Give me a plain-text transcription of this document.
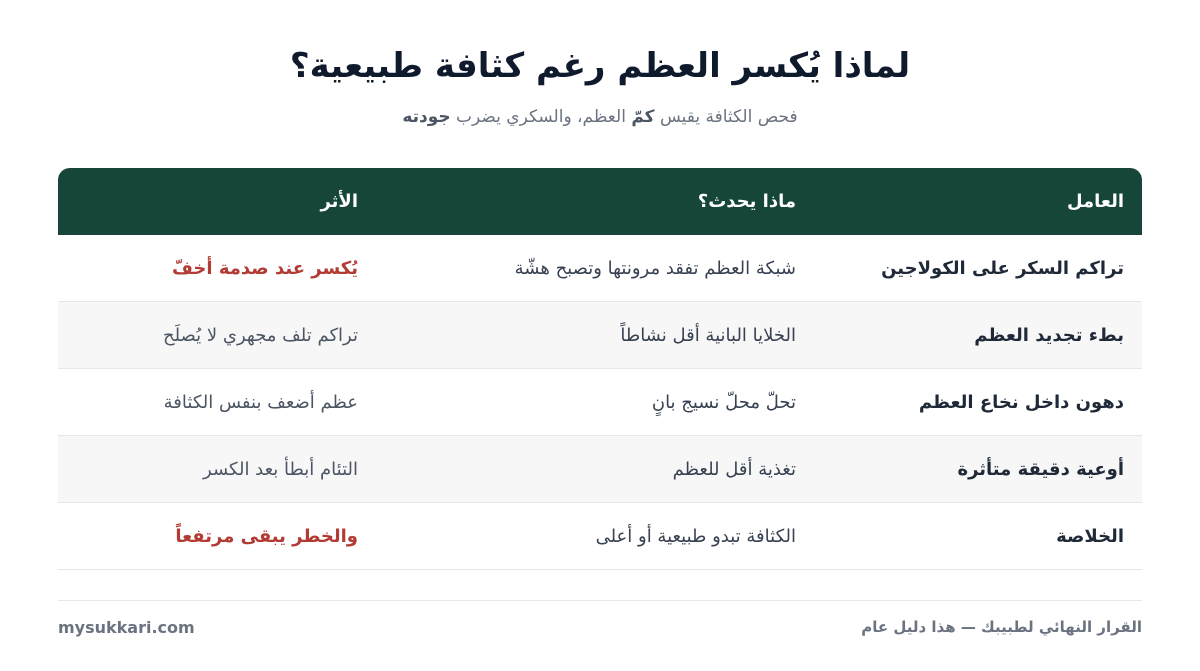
لماذا يُكسر العظم رغم كثافة طبيعية؟

فحص الكثافة يقيس كمّ العظم، والسكري يضرب جودته

العامل
ماذا يحدث؟
الأثر
تراكم السكر على الكولاجين
شبكة العظم تفقد مرونتها وتصبح هشّة
يُكسر عند صدمة أخفّ
بطء تجديد العظم
الخلايا البانية أقل نشاطاً
تراكم تلف مجهري لا يُصلَح
دهون داخل نخاع العظم
تحلّ محلّ نسيج بانٍ
عظم أضعف بنفس الكثافة
أوعية دقيقة متأثرة
تغذية أقل للعظم
التئام أبطأ بعد الكسر
الخلاصة
الكثافة تبدو طبيعية أو أعلى
والخطر يبقى مرتفعاً
mysukkari.com	القرار النهائي لطبيبك — هذا دليل عام
